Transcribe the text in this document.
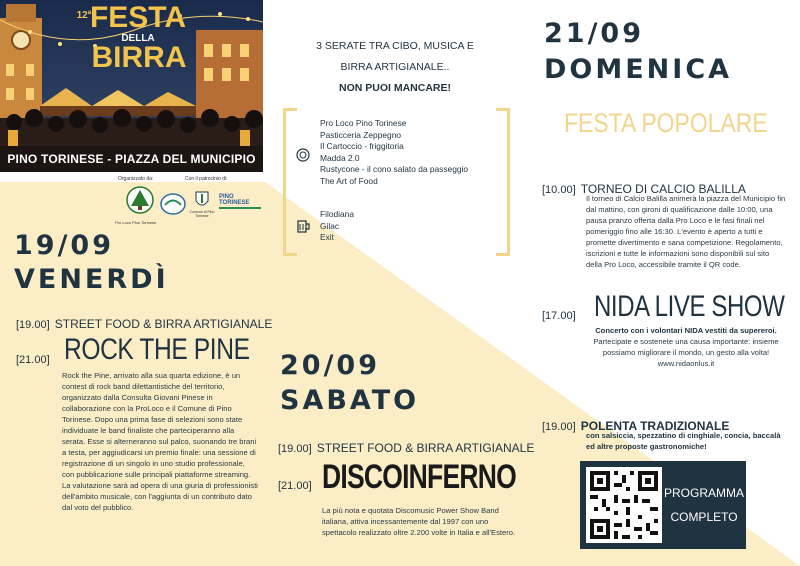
12ª
FESTA
DELLA
BIRRA
PINO TORINESE - PIAZZA DEL MUNICIPIO
Organizzato da:	Con il patrocinio di:
Pro Loco Pino Torinese
Comune di Pino Torinese
PINO TORINESE
3 SERATE TRA CIBO, MUSICA E
BIRRA ARTIGIANALE..
NON PUOI MANCARE!
Pro Loco Pino Torinese
Pasticceria Zeppegno
Il Cartoccio - friggitoria
Madda 2.0
Rustycone - il cono salato da passeggio
The Art of Food
Filodiana
Gilac
Exit
19/09
VENERDÌ
[19.00] STREET FOOD & BIRRA ARTIGIANALE
[21.00] ROCK THE PINE
Rock the Pine, arrivato alla sua quarta edizione, è un contest di rock band dilettantistiche del territorio, organizzato dalla Consulta Giovani Pinese in collaborazione con la ProLoco e il Comune di Pino Torinese. Dopo una prima fase di selezioni sono state individuate le band finaliste che parteciperanno alla serata. Esse si alterneranno sul palco, suonando tre brani a testa, per aggiudicarsi un premio finale: una sessione di registrazione di un singolo in uno studio professionale, con pubblicazione sulle principali piattaforme streaming. La valutazione sarà ad opera di una giuria di professionisti dell'ambito musicale, con l'aggiunta di un contributo dato dal voto del pubblico.
20/09
SABATO
[19.00] STREET FOOD & BIRRA ARTIGIANALE
[21.00] DISCOINFERNO
La più nota e quotata Discomusic Power Show Band italiana, attiva incessantemente dal 1997 con uno spettacolo realizzato oltre 2.200 volte in Italia e all'Estero.
21/09
DOMENICA
FESTA POPOLARE
[10.00] TORNEO DI CALCIO BALILLA
Il torneo di Calcio Balilla animerà la piazza del Municipio fin dal mattino, con gironi di qualificazione dalle 10:00, una pausa pranzo offerta dalla Pro Loco e le fasi finali nel pomeriggio fino alle 16:30. L'evento è aperto a tutti e promette divertimento e sana competizione. Regolamento, iscrizioni e tutte le informazioni sono disponibili sul sito della Pro Loco, accessibile tramite il QR code.
[17.00] NIDA LIVE SHOW
Concerto con i volontari NIDA vestiti da supereroi.
Partecipate e sostenete una causa importante: insieme possiamo migliorare il mondo, un gesto alla volta!
www.nidaonlus.it
[19.00] POLENTA TRADIZIONALE
con salsiccia, spezzatino di cinghiale, concia, baccalà ed altre proposte gastronomiche!
PROGRAMMA
COMPLETO
